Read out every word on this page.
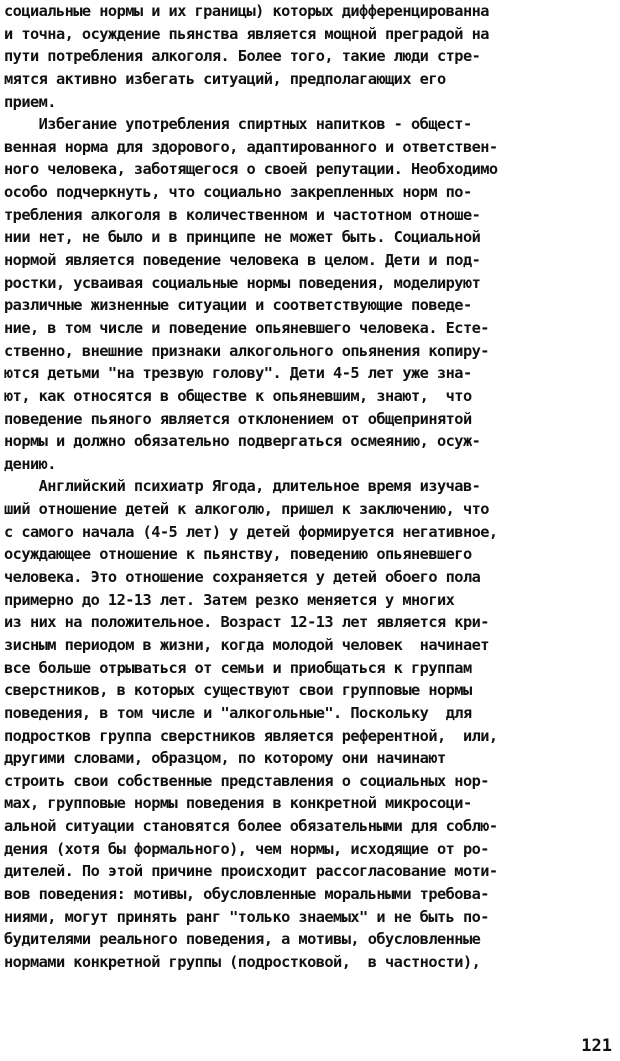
социальные нормы и их границы) которых дифференцированна
и точна, осуждение пьянства является мощной преградой на
пути потребления алкоголя. Более того, такие люди стре-
мятся активно избегать ситуаций, предполагающих его
прием.
Избегание употребления спиртных напитков - общест-
венная норма для здорового, адаптированного и ответствен-
ного человека, заботящегося о своей репутации. Необходимо
особо подчеркнуть, что социально закрепленных норм по-
требления алкоголя в количественном и частотном отноше-
нии нет, не было и в принципе не может быть. Социальной
нормой является поведение человека в целом. Дети и под-
ростки, усваивая социальные нормы поведения, моделируют
различные жизненные ситуации и соответствующие поведе-
ние, в том числе и поведение опьяневшего человека. Есте-
ственно, внешние признаки алкогольного опьянения копиру-
ются детьми "на трезвую голову". Дети 4-5 лет уже зна-
ют, как относятся в обществе к опьяневшим, знают,  что
поведение пьяного является отклонением от общепринятой
нормы и должно обязательно подвергаться осмеянию, осуж-
дению.
Английский психиатр Ягода, длительное время изучав-
ший отношение детей к алкоголю, пришел к заключению, что
с самого начала (4-5 лет) у детей формируется негативное,
осуждающее отношение к пьянству, поведению опьяневшего
человека. Это отношение сохраняется у детей обоего пола
примерно до 12-13 лет. Затем резко меняется у многих
из них на положительное. Возраст 12-13 лет является кри-
зисным периодом в жизни, когда молодой человек  начинает
все больше отрываться от семьи и приобщаться к группам
сверстников, в которых существуют свои групповые нормы
поведения, в том числе и "алкогольные". Поскольку  для
подростков группа сверстников является референтной,  или,
другими словами, образцом, по которому они начинают
строить свои собственные представления о социальных нор-
мах, групповые нормы поведения в конкретной микросоци-
альной ситуации становятся более обязательными для соблю-
дения (хотя бы формального), чем нормы, исходящие от ро-
дителей. По этой причине происходит рассогласование моти-
вов поведения: мотивы, обусловленные моральными требова-
ниями, могут принять ранг "только знаемых" и не быть по-
будителями реального поведения, а мотивы, обусловленные
нормами конкретной группы (подростковой,  в частности),
121
